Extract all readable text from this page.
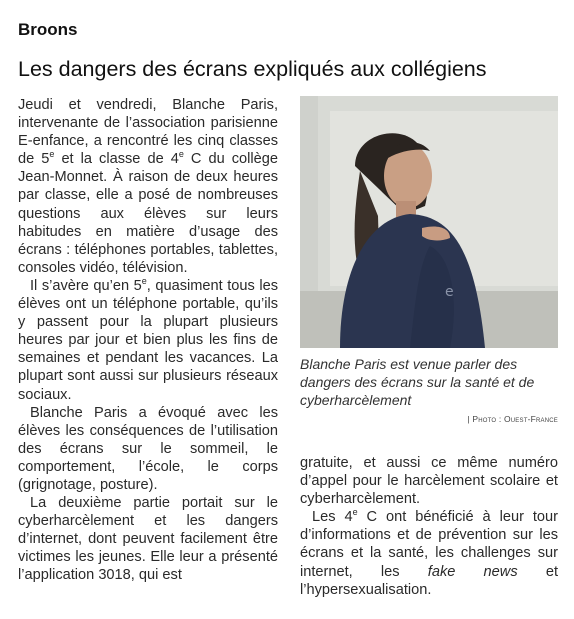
Broons
Les dangers des écrans expliqués aux collégiens

Jeudi et vendredi, Blanche Paris, intervenante de l’association parisienne E-enfance, a rencontré les cinq classes de 5e et la classe de 4e C du collège Jean-Monnet. À raison de deux heures par classe, elle a posé de nombreuses questions aux élèves sur leurs habitudes en matière d’usage des écrans : téléphones portables, tablettes, consoles vidéo, télévision.

Il s’avère qu’en 5e, quasiment tous les élèves ont un téléphone portable, qu’ils y passent pour la plupart plusieurs heures par jour et bien plus les fins de semaines et pendant les vacances. La plupart sont aussi sur plusieurs réseaux sociaux.

Blanche Paris a évoqué avec les élèves les conséquences de l’utilisation des écrans sur le sommeil, le comportement, l’école, le corps (grignotage, posture).

La deuxième partie portait sur le cyberharcèlement et les dangers d’internet, dont peuvent facilement être victimes les jeunes. Elle leur a présenté l’application 3018, qui est

e
Blanche Paris est venue parler des dangers des écrans sur la santé et de cyberharcèlement
| Photo : Ouest-France

gratuite, et aussi ce même numéro d’appel pour le harcèlement scolaire et cyberharcèlement.

Les 4e C ont bénéficié à leur tour d’informations et de prévention sur les écrans et la santé, les challenges sur internet, les fake news et l’hypersexualisation.
